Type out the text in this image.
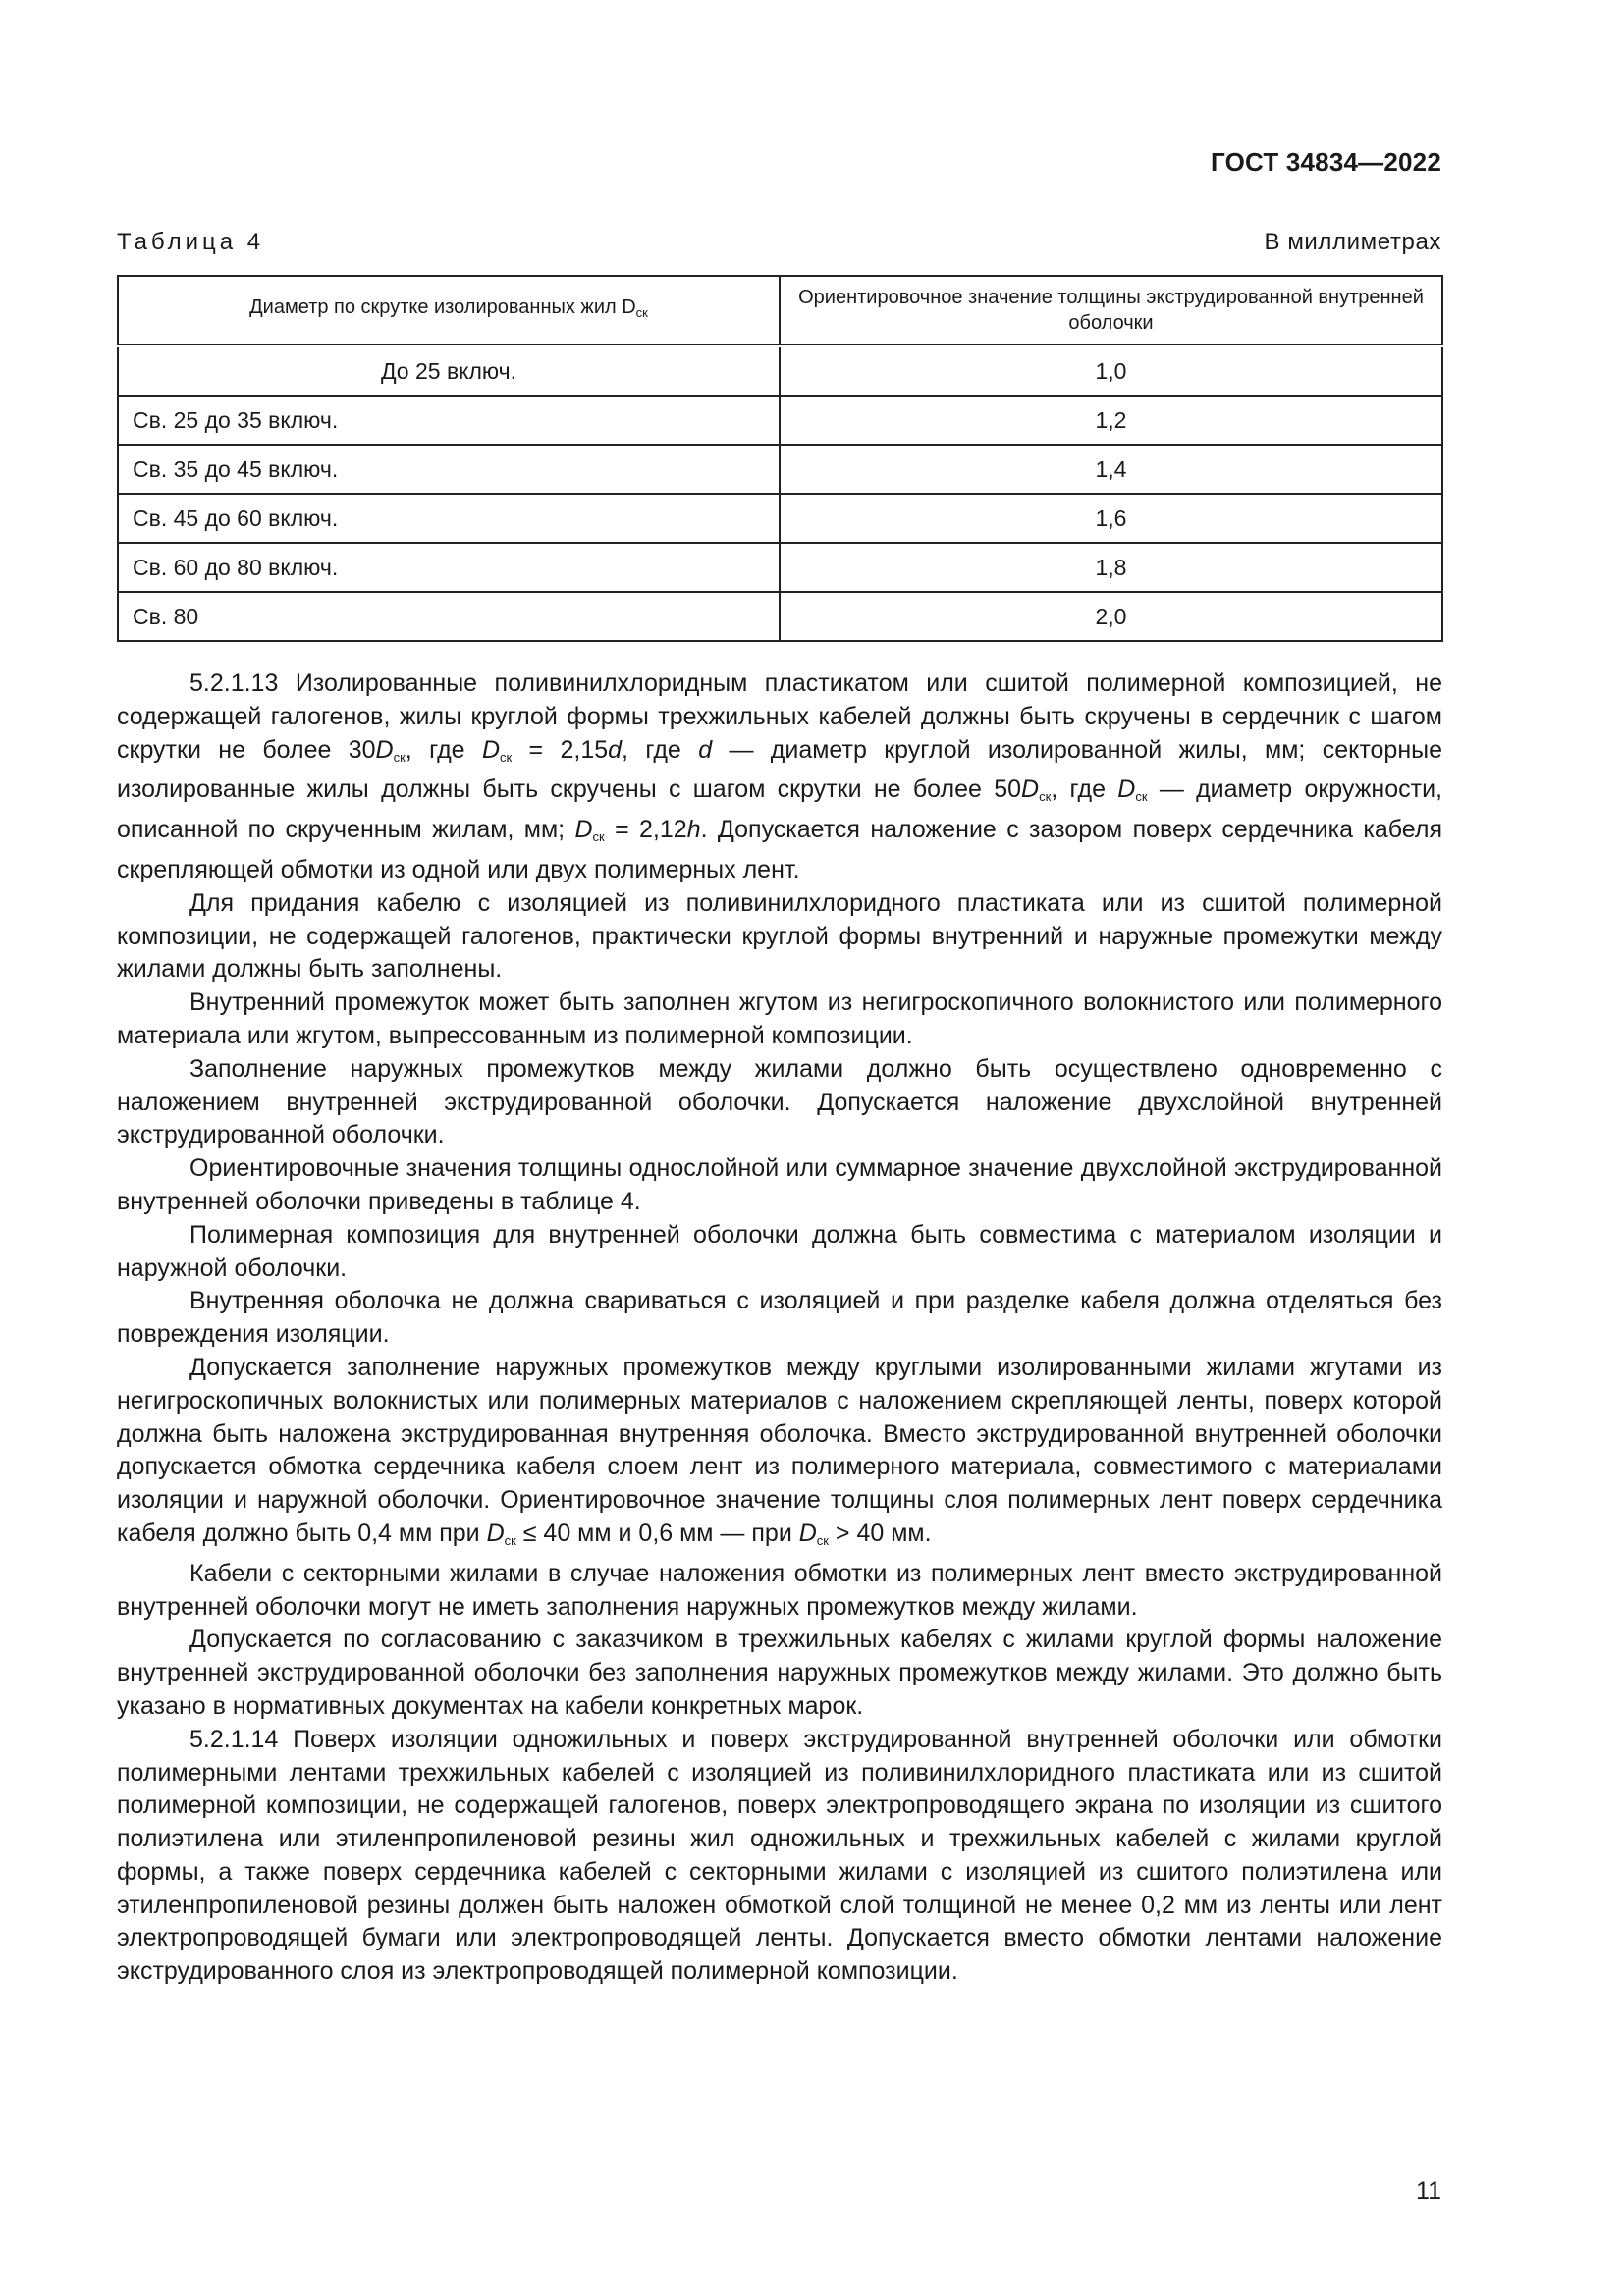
ГОСТ 34834—2022
Таблица 4	В миллиметрах
Диаметр по скрутке изолированных жил $D_{ск}$	Ориентировочное значение толщины экструдированной внутренней оболочки
До 25 включ.	1,0
Св. 25 до 35 включ.	1,2
Св. 35 до 45 включ.	1,4
Св. 45 до 60 включ.	1,6
Св. 60 до 80 включ.	1,8
Св. 80	2,0

5.2.1.13 Изолированные поливинилхлоридным пластикатом или сшитой полимерной композицией, не содержащей галогенов, жилы круглой формы трехжильных кабелей должны быть скручены в сердечник с шагом скрутки не более $30D_{ск}$, где $D_{ск} = 2,15d$, где d — диаметр круглой изолированной жилы, мм; секторные изолированные жилы должны быть скручены с шагом скрутки не более $50D_{ск}$, где $D_{ск}$ — диаметр окружности, описанной по скрученным жилам, мм; $D_{ск} = 2,12h$. Допускается наложение с зазором поверх сердечника кабеля скрепляющей обмотки из одной или двух полимерных лент.

Для придания кабелю с изоляцией из поливинилхлоридного пластиката или из сшитой полимерной композиции, не содержащей галогенов, практически круглой формы внутренний и наружные промежутки между жилами должны быть заполнены.

Внутренний промежуток может быть заполнен жгутом из негигроскопичного волокнистого или полимерного материала или жгутом, выпрессованным из полимерной композиции.

Заполнение наружных промежутков между жилами должно быть осуществлено одновременно с наложением внутренней экструдированной оболочки. Допускается наложение двухслойной внутренней экструдированной оболочки.

Ориентировочные значения толщины однослойной или суммарное значение двухслойной экструдированной внутренней оболочки приведены в таблице 4.

Полимерная композиция для внутренней оболочки должна быть совместима с материалом изоляции и наружной оболочки.

Внутренняя оболочка не должна свариваться с изоляцией и при разделке кабеля должна отделяться без повреждения изоляции.

Допускается заполнение наружных промежутков между круглыми изолированными жилами жгутами из негигроскопичных волокнистых или полимерных материалов с наложением скрепляющей ленты, поверх которой должна быть наложена экструдированная внутренняя оболочка. Вместо экструдированной внутренней оболочки допускается обмотка сердечника кабеля слоем лент из полимерного материала, совместимого с материалами изоляции и наружной оболочки. Ориентировочное значение толщины слоя полимерных лент поверх сердечника кабеля должно быть 0,4 мм при $D_{ск} \le 40$ мм и 0,6 мм — при $D_{ск} > 40$ мм.

Кабели с секторными жилами в случае наложения обмотки из полимерных лент вместо экструдированной внутренней оболочки могут не иметь заполнения наружных промежутков между жилами.

Допускается по согласованию с заказчиком в трехжильных кабелях с жилами круглой формы наложение внутренней экструдированной оболочки без заполнения наружных промежутков между жилами. Это должно быть указано в нормативных документах на кабели конкретных марок.

5.2.1.14 Поверх изоляции одножильных и поверх экструдированной внутренней оболочки или обмотки полимерными лентами трехжильных кабелей с изоляцией из поливинилхлоридного пластиката или из сшитой полимерной композиции, не содержащей галогенов, поверх электропроводящего экрана по изоляции из сшитого полиэтилена или этиленпропиленовой резины жил одножильных и трехжильных кабелей с жилами круглой формы, а также поверх сердечника кабелей с секторными жилами с изоляцией из сшитого полиэтилена или этиленпропиленовой резины должен быть наложен обмоткой слой толщиной не менее 0,2 мм из ленты или лент электропроводящей бумаги или электропроводящей ленты. Допускается вместо обмотки лентами наложение экструдированного слоя из электропроводящей полимерной композиции.

11
